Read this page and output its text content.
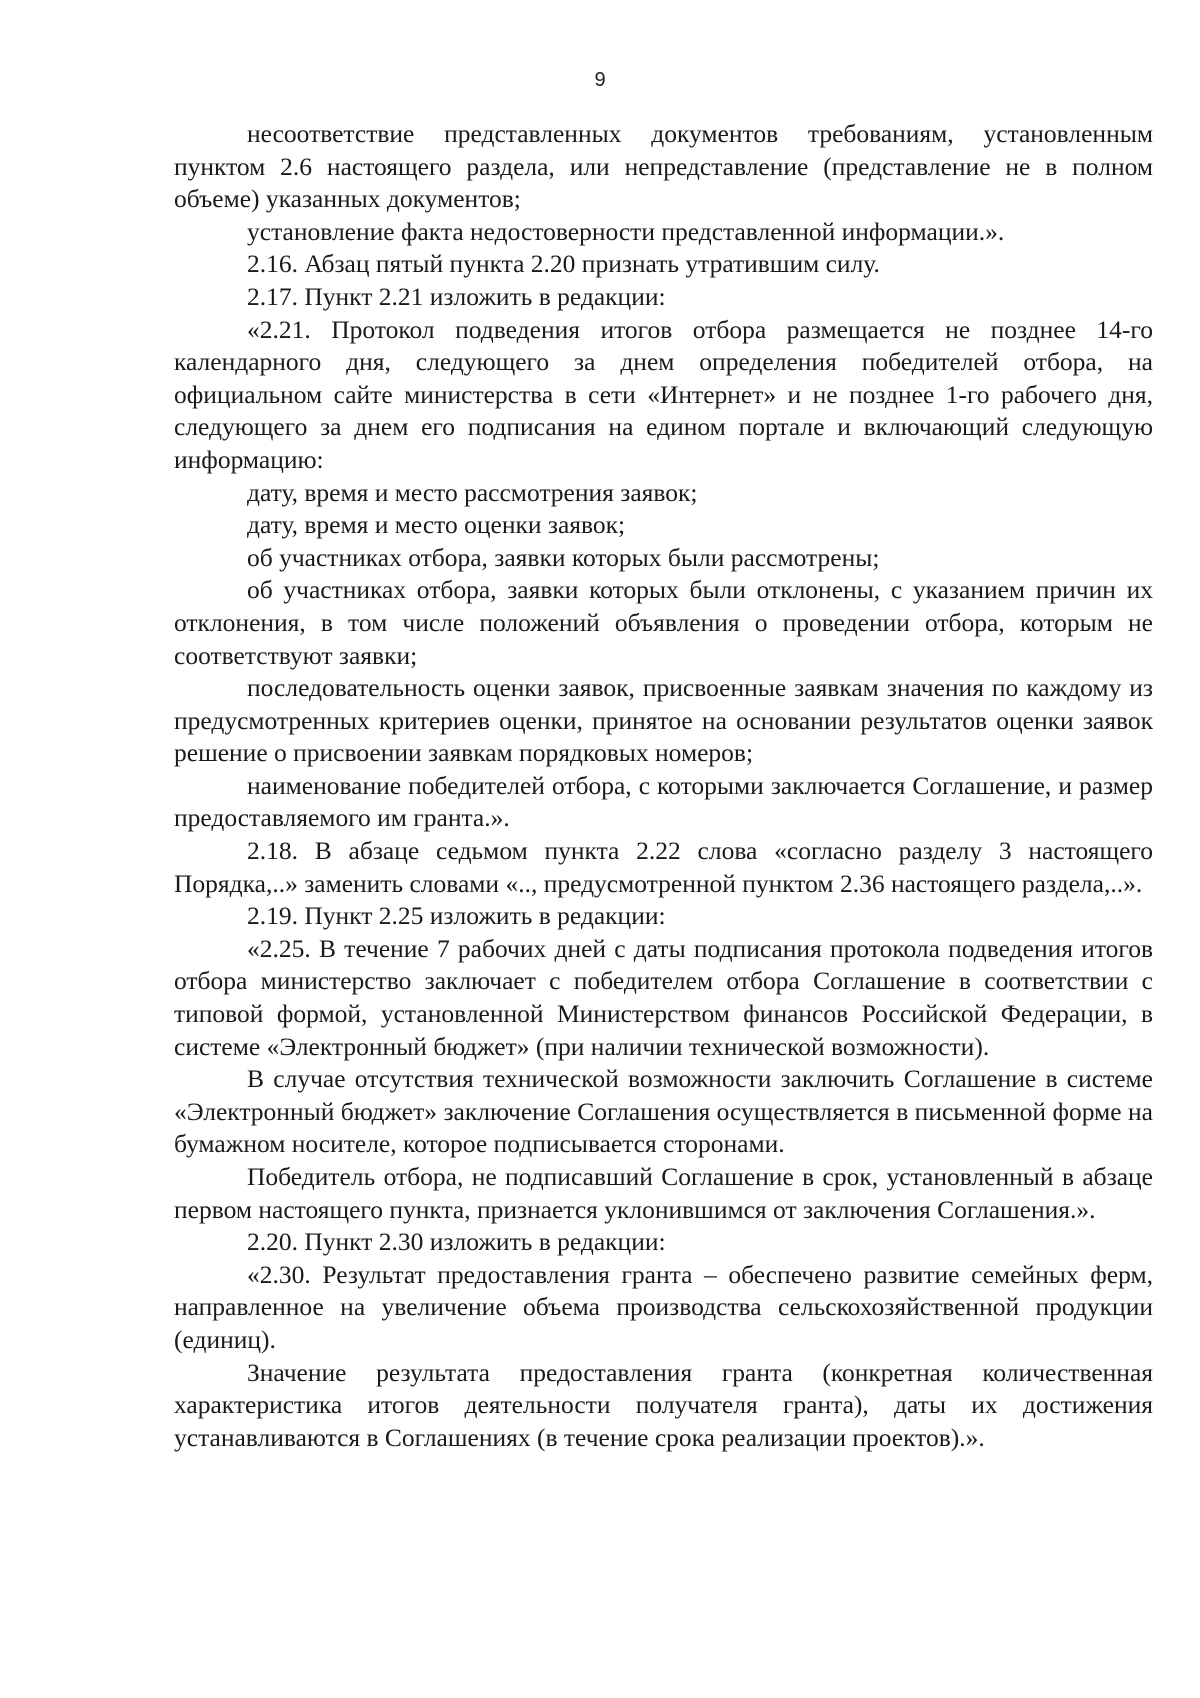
9

несоответствие представленных документов требованиям, установленным пунктом 2.6 настоящего раздела, или непредставление (представление не в полном объеме) указанных документов;

установление факта недостоверности представленной информации.».

2.16. Абзац пятый пункта 2.20 признать утратившим силу.

2.17. Пункт 2.21 изложить в редакции:

«2.21. Протокол подведения итогов отбора размещается не позднее 14-го календарного дня, следующего за днем определения победителей отбора, на официальном сайте министерства в сети «Интернет» и не позднее 1-го рабочего дня, следующего за днем его подписания на едином портале и включающий следующую информацию:

дату, время и место рассмотрения заявок;

дату, время и место оценки заявок;

об участниках отбора, заявки которых были рассмотрены;

об участниках отбора, заявки которых были отклонены, с указанием причин их отклонения, в том числе положений объявления о проведении отбора, которым не соответствуют заявки;

последовательность оценки заявок, присвоенные заявкам значения по каждому из предусмотренных критериев оценки, принятое на основании результатов оценки заявок решение о присвоении заявкам порядковых номеров;

наименование победителей отбора, с которыми заключается Соглашение, и размер предоставляемого им гранта.».

2.18. В абзаце седьмом пункта 2.22 слова «согласно разделу 3 настоящего Порядка,..» заменить словами «.., предусмотренной пунктом 2.36 настоящего раздела,..».

2.19. Пункт 2.25 изложить в редакции:

«2.25. В течение 7 рабочих дней с даты подписания протокола подведения итогов отбора министерство заключает с победителем отбора Соглашение в соответствии с типовой формой, установленной Министерством финансов Российской Федерации, в системе «Электронный бюджет» (при наличии технической возможности).

В случае отсутствия технической возможности заключить Соглашение в системе «Электронный бюджет» заключение Соглашения осуществляется в письменной форме на бумажном носителе, которое подписывается сторонами.

Победитель отбора, не подписавший Соглашение в срок, установленный в абзаце первом настоящего пункта, признается уклонившимся от заключения Соглашения.».

2.20. Пункт 2.30 изложить в редакции:

«2.30. Результат предоставления гранта – обеспечено развитие семейных ферм, направленное на увеличение объема производства сельскохозяйственной продукции (единиц).

Значение результата предоставления гранта (конкретная количественная характеристика итогов деятельности получателя гранта), даты их достижения устанавливаются в Соглашениях (в течение срока реализации проектов).».
